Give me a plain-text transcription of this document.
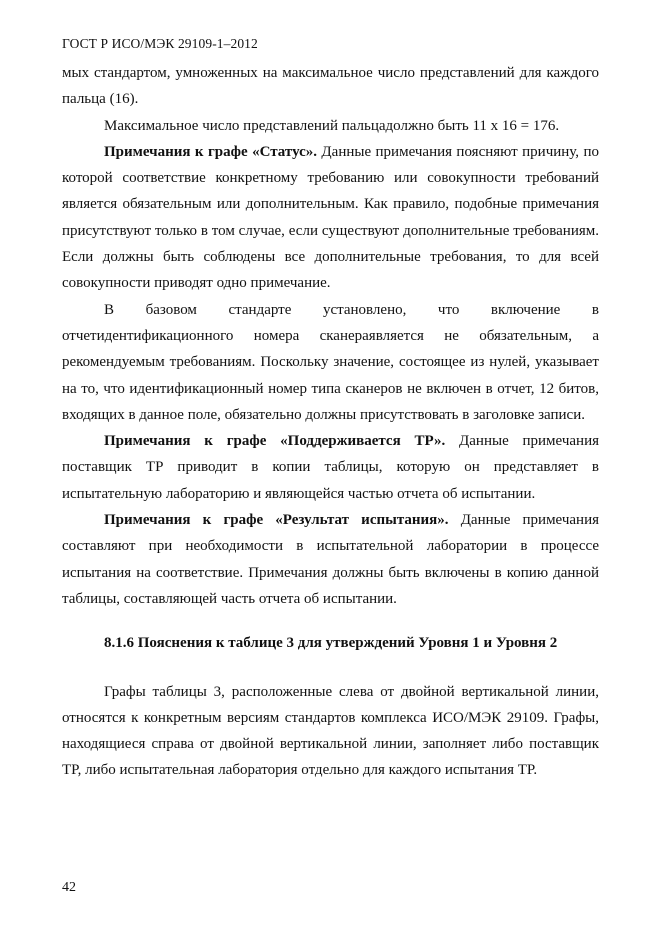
ГОСТ Р ИСО/МЭК 29109-1–2012

мых стандартом, умноженных на максимальное число представлений для каждого пальца (16).

Максимальное число представлений пальцадолжно быть 11 х 16 = 176.

Примечания к графе «Статус». Данные примечания поясняют причину, по которой соответствие конкретному требованию или совокупности требований является обязательным или дополнительным. Как правило, подобные примечания присутствуют только в том случае, если существуют дополнительные требованиям. Если должны быть соблюдены все дополнительные требования, то для всей совокупности приводят одно примечание.

В базовом стандарте установлено, что включение в отчетидентификационного номера сканераявляется не обязательным, а рекомендуемым требованиям. Поскольку значение, состоящее из нулей, указывает на то, что идентификационный номер типа сканеров не включен в отчет, 12 битов, входящих в данное поле, обязательно должны присутствовать в заголовке записи.

Примечания к графе «Поддерживается ТР». Данные примечания поставщик ТР приводит в копии таблицы, которую он представляет в испытательную лабораторию и являющейся частью отчета об испытании.

Примечания к графе «Результат испытания». Данные примечания составляют при необходимости в испытательной лаборатории в процессе испытания на соответствие. Примечания должны быть включены в копию данной таблицы, составляющей часть отчета об испытании.

8.1.6 Пояснения к таблице 3 для утверждений Уровня 1 и Уровня 2

Графы таблицы 3, расположенные слева от двойной вертикальной линии, относятся к конкретным версиям стандартов комплекса ИСО/МЭК 29109. Графы, находящиеся справа от двойной вертикальной линии, заполняет либо поставщик ТР, либо испытательная лаборатория отдельно для каждого испытания ТР.

42
